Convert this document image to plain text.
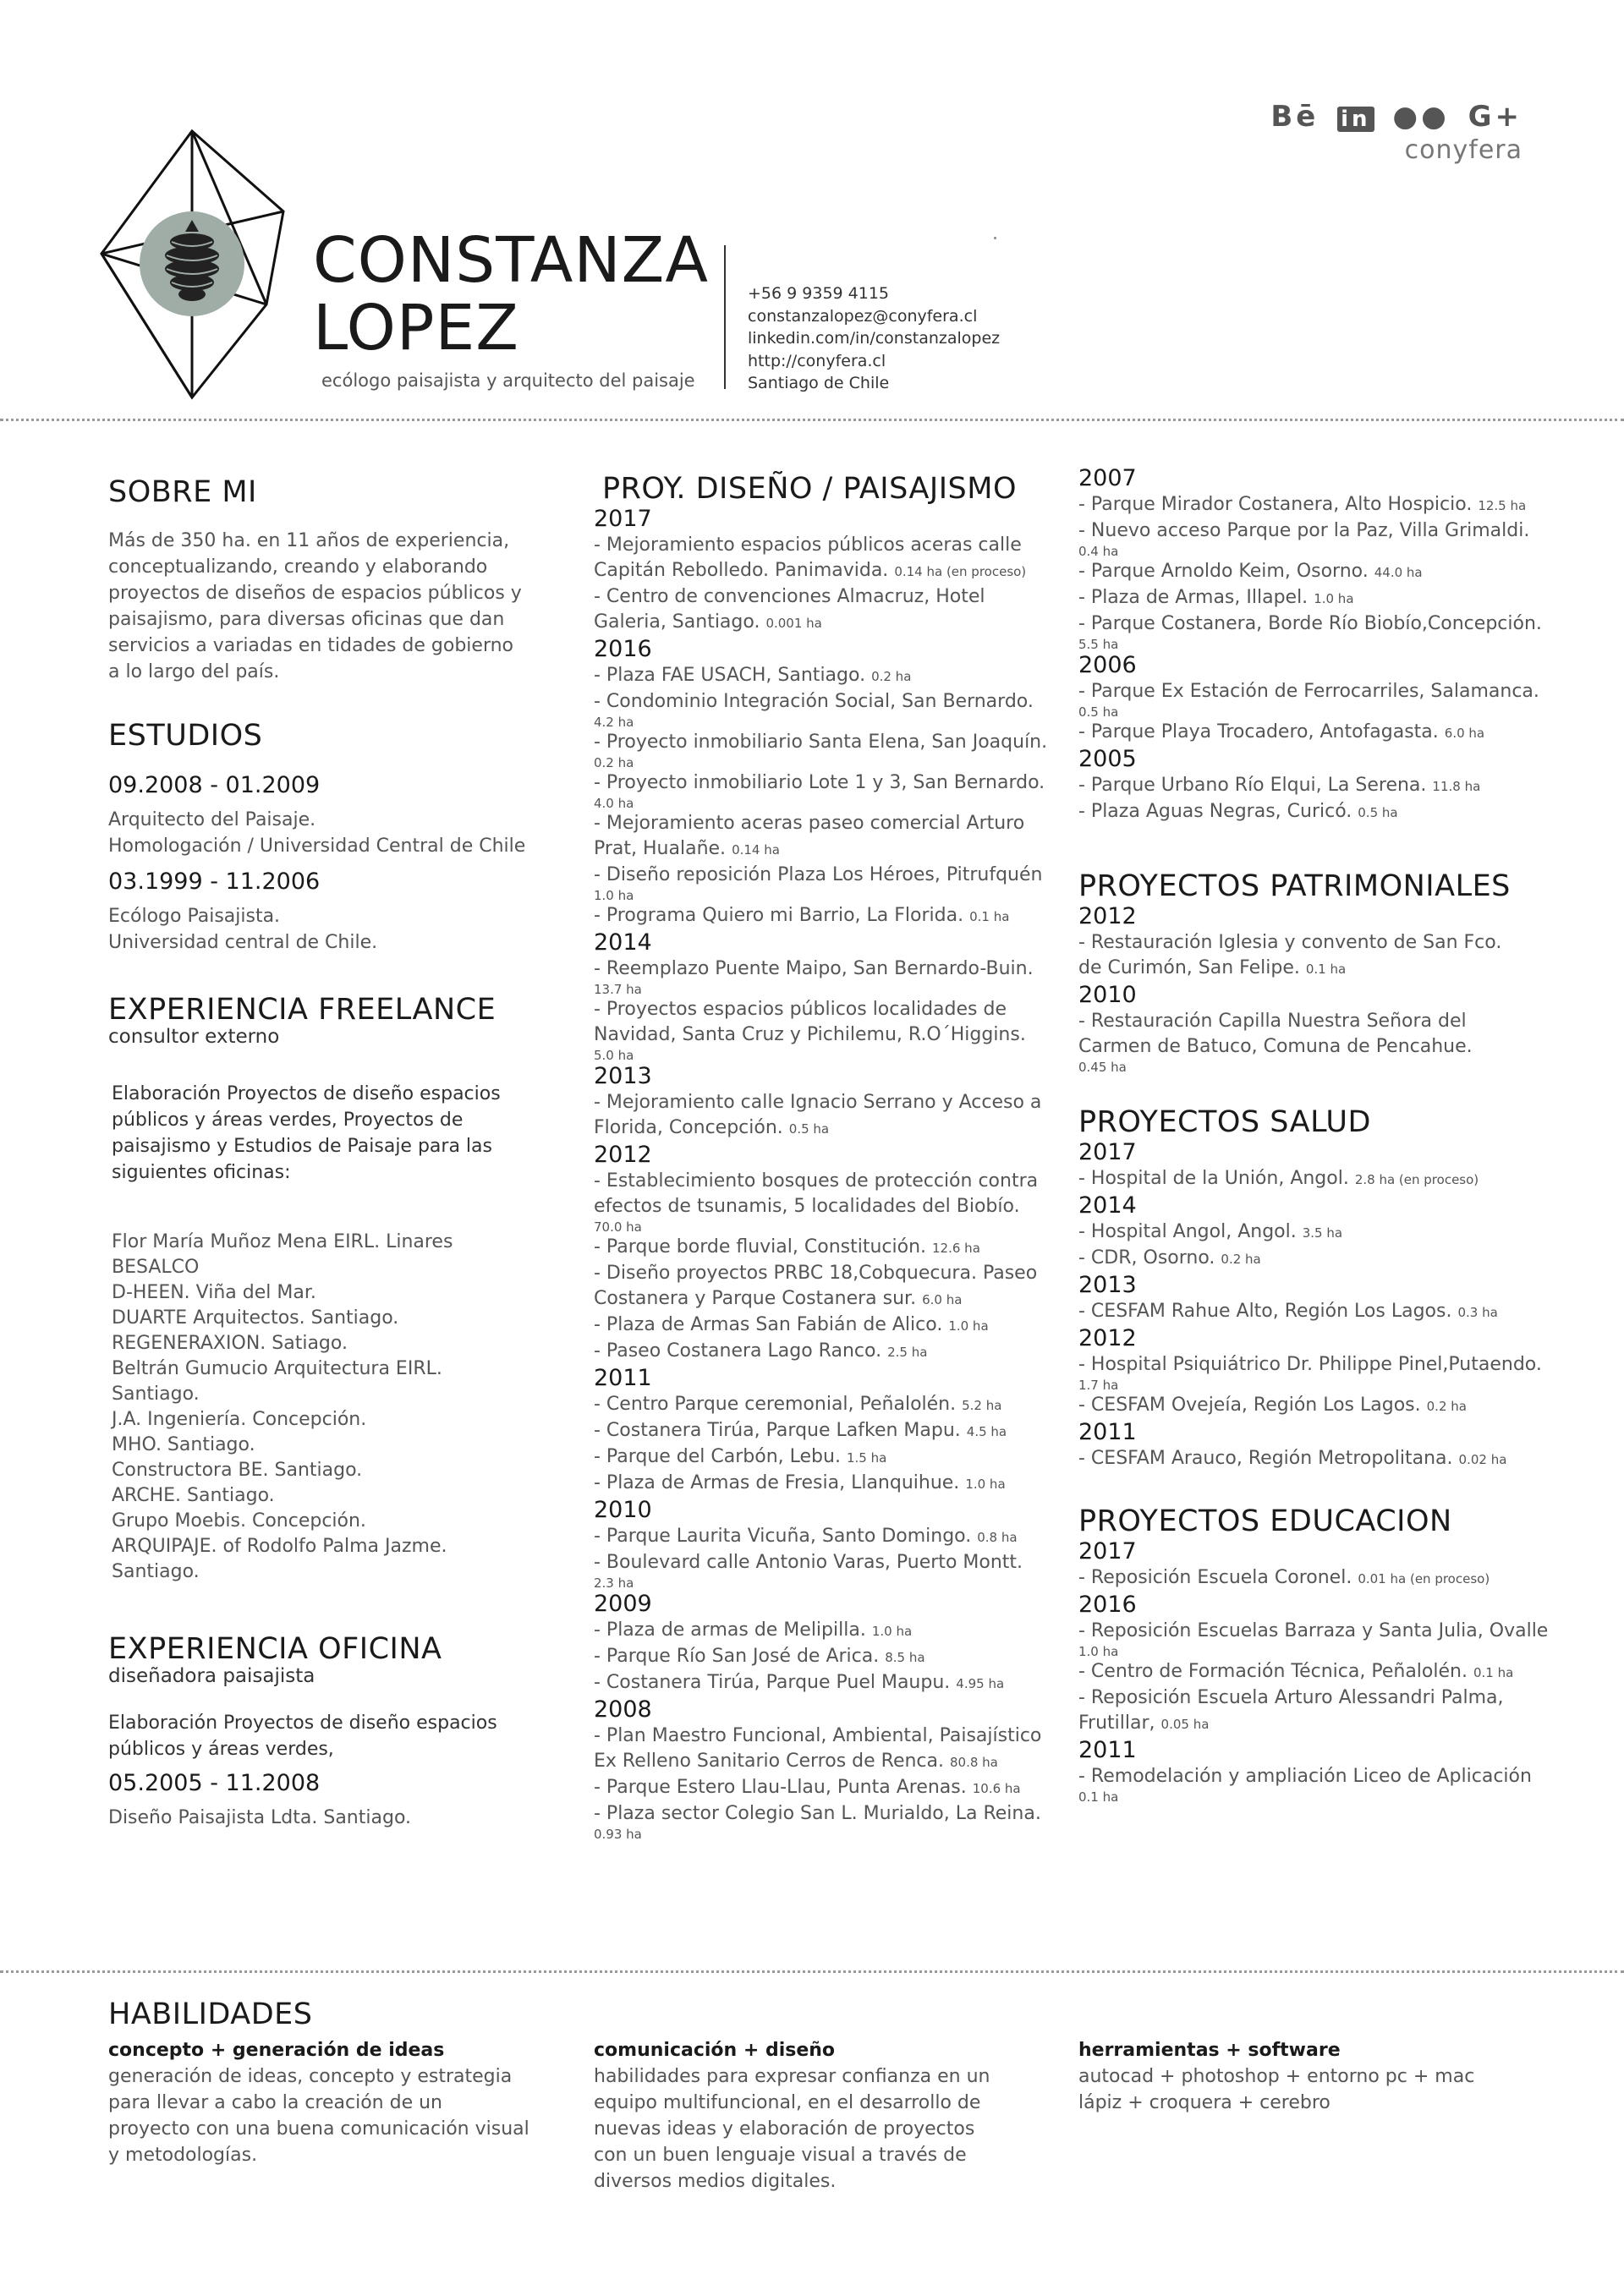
Bē in ●● G+
conyfera
CONSTANZA
LOPEZ
ecólogo paisajista y arquitecto del paisaje
+56 9 9359 4115
constanzalopez@conyfera.cl
linkedin.com/in/constanzalopez
http://conyfera.cl
Santiago de Chile
SOBRE MI
Más de 350 ha. en 11 años de experiencia,
conceptualizando, creando y elaborando
proyectos de diseños de espacios públicos y
paisajismo, para diversas oficinas que dan
servicios a variadas en tidades de gobierno
a lo largo del país.
ESTUDIOS
09.2008 - 01.2009
Arquitecto del Paisaje.
Homologación / Universidad Central de Chile
03.1999 - 11.2006
Ecólogo Paisajista.
Universidad central de Chile.
EXPERIENCIA FREELANCE
consultor externo
Elaboración Proyectos de diseño espacios
públicos y áreas verdes, Proyectos de
paisajismo y Estudios de Paisaje para las
siguientes oficinas:
Flor María Muñoz Mena EIRL. Linares
BESALCO
D-HEEN. Viña del Mar.
DUARTE Arquitectos. Santiago.
REGENERAXION. Satiago.
Beltrán Gumucio Arquitectura EIRL. Santiago.
J.A. Ingeniería. Concepción.
MHO. Santiago.
Constructora BE. Santiago.
ARCHE. Santiago.
Grupo Moebis. Concepción.
ARQUIPAJE. of Rodolfo Palma Jazme.
Santiago.
EXPERIENCIA OFICINA
diseñadora paisajista
Elaboración Proyectos de diseño espacios
públicos y áreas verdes,
05.2005 - 11.2008
Diseño Paisajista Ldta. Santiago.
PROY. DISEÑO / PAISAJISMO
2017
- Mejoramiento espacios públicos aceras calle
Capitán Rebolledo. Panimavida. 0.14 ha (en proceso)
- Centro de convenciones Almacruz, Hotel
Galeria, Santiago. 0.001 ha
2016
- Plaza FAE USACH, Santiago. 0.2 ha
- Condominio Integración Social, San Bernardo.
4.2 ha
- Proyecto inmobiliario Santa Elena, San Joaquín.
0.2 ha
- Proyecto inmobiliario Lote 1 y 3, San Bernardo.
4.0 ha
- Mejoramiento aceras paseo comercial Arturo
Prat, Hualañe. 0.14 ha
- Diseño reposición Plaza Los Héroes, Pitrufquén
1.0 ha
- Programa Quiero mi Barrio, La Florida. 0.1 ha
2014
- Reemplazo Puente Maipo, San Bernardo-Buin.
13.7 ha
- Proyectos espacios públicos localidades de
Navidad, Santa Cruz y Pichilemu, R.O´Higgins.
5.0 ha
2013
- Mejoramiento calle Ignacio Serrano y Acceso a
Florida, Concepción. 0.5 ha
2012
- Establecimiento bosques de protección contra
efectos de tsunamis, 5 localidades del Biobío.
70.0 ha
- Parque borde fluvial, Constitución. 12.6 ha
- Diseño proyectos PRBC 18,Cobquecura. Paseo
Costanera y Parque Costanera sur. 6.0 ha
- Plaza de Armas San Fabián de Alico. 1.0 ha
- Paseo Costanera Lago Ranco. 2.5 ha
2011
- Centro Parque ceremonial, Peñalolén. 5.2 ha
- Costanera Tirúa, Parque Lafken Mapu. 4.5 ha
- Parque del Carbón, Lebu. 1.5 ha
- Plaza de Armas de Fresia, Llanquihue. 1.0 ha
2010
- Parque Laurita Vicuña, Santo Domingo. 0.8 ha
- Boulevard calle Antonio Varas, Puerto Montt.
2.3 ha
2009
- Plaza de armas de Melipilla. 1.0 ha
- Parque Río San José de Arica. 8.5 ha
- Costanera Tirúa, Parque Puel Maupu. 4.95 ha
2008
- Plan Maestro Funcional, Ambiental, Paisajístico
Ex Relleno Sanitario Cerros de Renca. 80.8 ha
- Parque Estero Llau-Llau, Punta Arenas. 10.6 ha
- Plaza sector Colegio San L. Murialdo, La Reina.
0.93 ha
2007
- Parque Mirador Costanera, Alto Hospicio. 12.5 ha
- Nuevo acceso Parque por la Paz, Villa Grimaldi.
0.4 ha
- Parque Arnoldo Keim, Osorno. 44.0 ha
- Plaza de Armas, Illapel. 1.0 ha
- Parque Costanera, Borde Río Biobío,Concepción.
5.5 ha
2006
- Parque Ex Estación de Ferrocarriles, Salamanca.
0.5 ha
- Parque Playa Trocadero, Antofagasta. 6.0 ha
2005
- Parque Urbano Río Elqui, La Serena. 11.8 ha
- Plaza Aguas Negras, Curicó. 0.5 ha
PROYECTOS PATRIMONIALES
2012
- Restauración Iglesia y convento de San Fco.
de Curimón, San Felipe. 0.1 ha
2010
- Restauración Capilla Nuestra Señora del
Carmen de Batuco, Comuna de Pencahue.
0.45 ha
PROYECTOS SALUD
2017
- Hospital de la Unión, Angol. 2.8 ha (en proceso)
2014
- Hospital Angol, Angol. 3.5 ha
- CDR, Osorno. 0.2 ha
2013
- CESFAM Rahue Alto, Región Los Lagos. 0.3 ha
2012
- Hospital Psiquiátrico Dr. Philippe Pinel,Putaendo.
1.7 ha
- CESFAM Ovejeía, Región Los Lagos. 0.2 ha
2011
- CESFAM Arauco, Región Metropolitana. 0.02 ha
PROYECTOS EDUCACION
2017
- Reposición Escuela Coronel. 0.01 ha (en proceso)
2016
- Reposición Escuelas Barraza y Santa Julia, Ovalle
1.0 ha
- Centro de Formación Técnica, Peñalolén. 0.1 ha
- Reposición Escuela Arturo Alessandri Palma,
Frutillar, 0.05 ha
2011
- Remodelación y ampliación Liceo de Aplicación
0.1 ha
HABILIDADES
concepto + generación de ideas
generación de ideas, concepto y estrategia
para llevar a cabo la creación de un
proyecto con una buena comunicación visual
y metodologías.
comunicación + diseño
habilidades para expresar confianza en un
equipo multifuncional, en el desarrollo de
nuevas ideas y elaboración de proyectos
con un buen lenguaje visual a través de
diversos medios digitales.
herramientas + software
autocad + photoshop + entorno pc + mac
lápiz + croquera + cerebro
